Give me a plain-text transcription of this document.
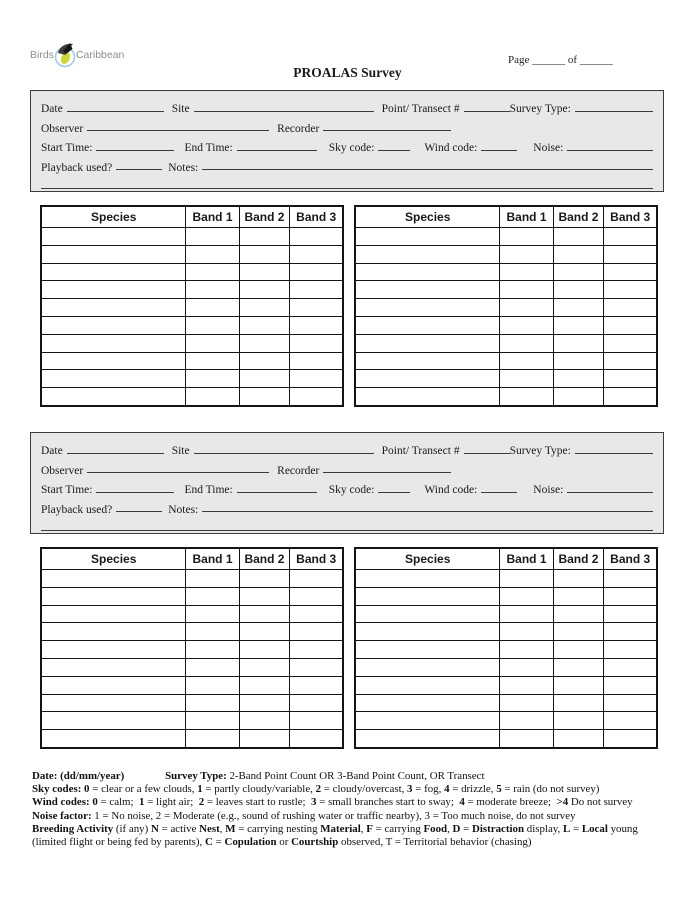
Birds Caribbean	Page ______ of ______
PROALAS Survey
Date	Site	Point/ Transect #	Survey Type:
Observer	Recorder
Start Time:	End Time:	Sky code:	Wind code:	Noise:
Playback used?	Notes:
Species	Band 1	Band 2	Band 3

				Species	Band 1	Band 2	Band 3

Date	Site	Point/ Transect #	Survey Type:
Observer	Recorder
Start Time:	End Time:	Sky code:	Wind code:	Noise:
Playback used?	Notes:
Species	Band 1	Band 2	Band 3

				Species	Band 1	Band 2	Band 3

Date: (dd/mm/year)	Survey Type: 2-Band Point Count OR 3-Band Point Count, OR Transect

Sky codes: 0 = clear or a few clouds, 1 = partly cloudy/variable, 2 = cloudy/overcast, 3 = fog, 4 = drizzle, 5 = rain (do not survey)

Wind codes: 0 = calm;  1 = light air;  2 = leaves start to rustle;  3 = small branches start to sway;  4 = moderate breeze;  >4 Do not survey

Noise factor: 1 = No noise, 2 = Moderate (e.g., sound of rushing water or traffic nearby), 3 = Too much noise, do not survey

Breeding Activity (if any) N = active Nest, M = carrying nesting Material, F = carrying Food, D = Distraction display, L = Local young (limited flight or being fed by parents), C = Copulation or Courtship observed, T = Territorial behavior (chasing)
